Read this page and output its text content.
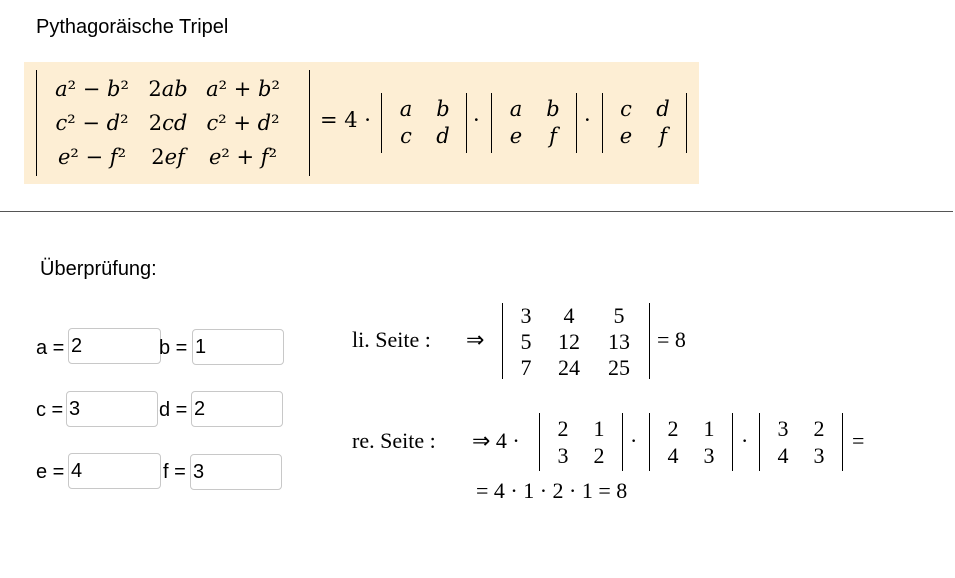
Pythagoräische Tripel
a² − b²	2ab	a² + b²
c² − d²	2cd	c² + d²
e² − f²	2ef	e² + f²
= 4 · a	b
c	d
· a	b
e	f
· c	d
e	f
Überprüfung:
a = 2	b = 1
c = 3	d = 2
e = 4	f = 3
li. Seite : ⇒
3	4	5
5	12	13
7	24	25
= 8
re. Seite : ⇒ 4 · 2	1
3	2
· 2	1
4	3
· 3	2
4	3
=
= 4 · 1 · 2 · 1 = 8
